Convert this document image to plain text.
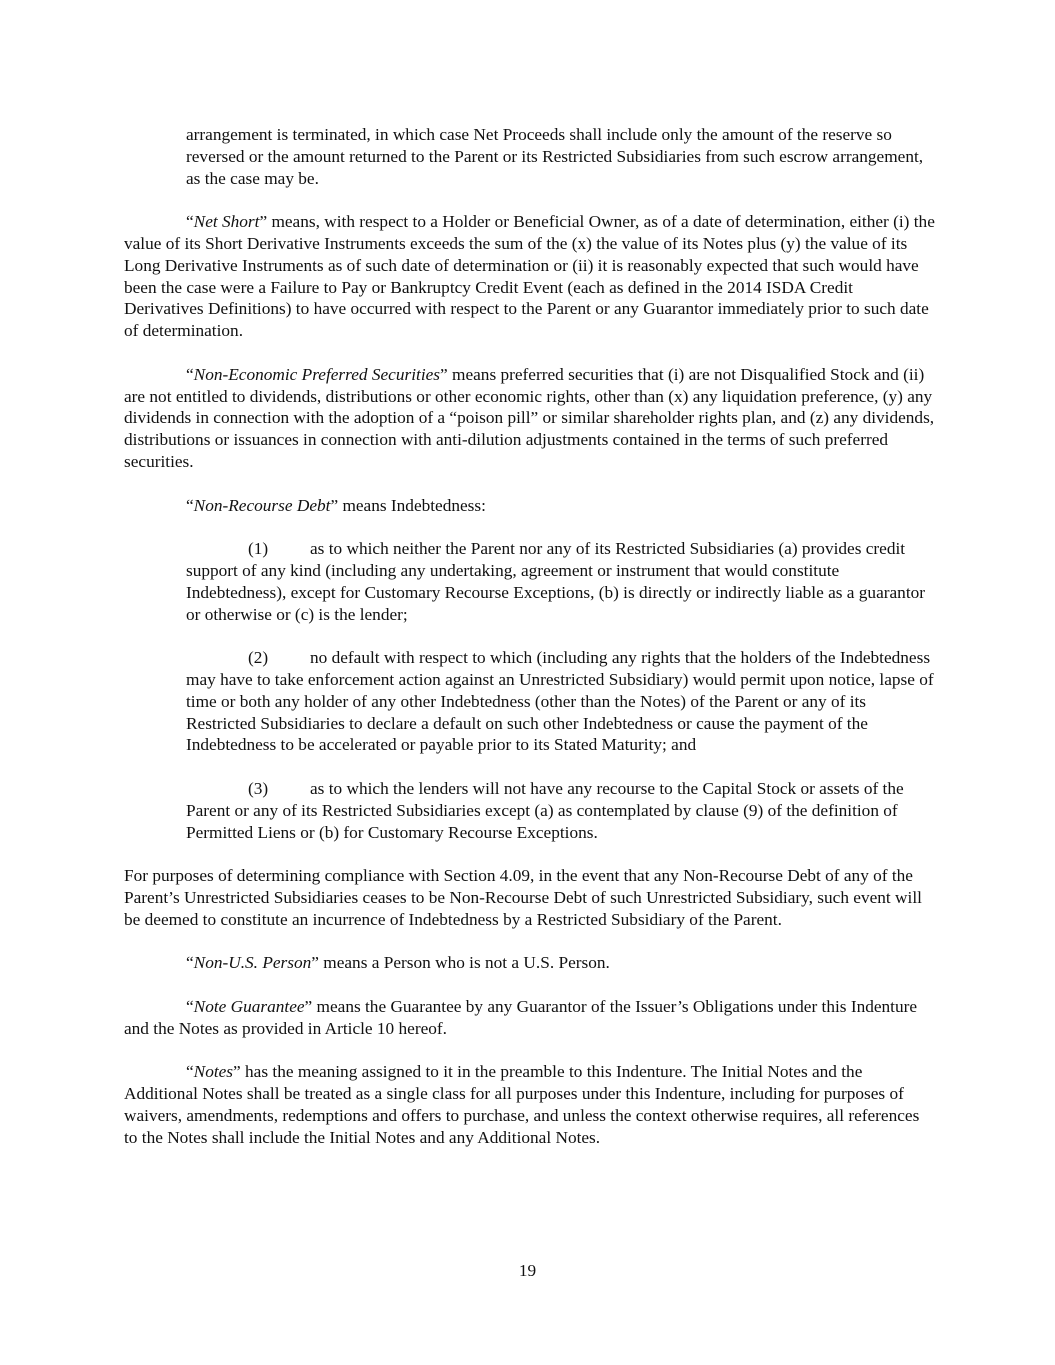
arrangement is terminated, in which case Net Proceeds shall include only the amount of the reserve so reversed or the amount returned to the Parent or its Restricted Subsidiaries from such escrow arrangement, as the case may be.

“Net Short” means, with respect to a Holder or Beneficial Owner, as of a date of determination, either (i) the value of its Short Derivative Instruments exceeds the sum of the (x) the value of its Notes plus (y) the value of its Long Derivative Instruments as of such date of determination or (ii) it is reasonably expected that such would have been the case were a Failure to Pay or Bankruptcy Credit Event (each as defined in the 2014 ISDA Credit Derivatives Definitions) to have occurred with respect to the Parent or any Guarantor immediately prior to such date of determination.

“Non-Economic Preferred Securities” means preferred securities that (i) are not Disqualified Stock and (ii) are not entitled to dividends, distributions or other economic rights, other than (x) any liquidation preference, (y) any dividends in connection with the adoption of a “poison pill” or similar shareholder rights plan, and (z) any dividends, distributions or issuances in connection with anti-dilution adjustments contained in the terms of such preferred securities.

“Non-Recourse Debt” means Indebtedness:

(1) as to which neither the Parent nor any of its Restricted Subsidiaries (a) provides credit support of any kind (including any undertaking, agreement or instrument that would constitute Indebtedness), except for Customary Recourse Exceptions, (b) is directly or indirectly liable as a guarantor or otherwise or (c) is the lender;

(2) no default with respect to which (including any rights that the holders of the Indebtedness may have to take enforcement action against an Unrestricted Subsidiary) would permit upon notice, lapse of time or both any holder of any other Indebtedness (other than the Notes) of the Parent or any of its Restricted Subsidiaries to declare a default on such other Indebtedness or cause the payment of the Indebtedness to be accelerated or payable prior to its Stated Maturity; and

(3) as to which the lenders will not have any recourse to the Capital Stock or assets of the Parent or any of its Restricted Subsidiaries except (a) as contemplated by clause (9) of the definition of Permitted Liens or (b) for Customary Recourse Exceptions.

For purposes of determining compliance with Section 4.09, in the event that any Non-Recourse Debt of any of the Parent’s Unrestricted Subsidiaries ceases to be Non-Recourse Debt of such Unrestricted Subsidiary, such event will be deemed to constitute an incurrence of Indebtedness by a Restricted Subsidiary of the Parent.

“Non-U.S. Person” means a Person who is not a U.S. Person.

“Note Guarantee” means the Guarantee by any Guarantor of the Issuer’s Obligations under this Indenture and the Notes as provided in Article 10 hereof.

“Notes” has the meaning assigned to it in the preamble to this Indenture. The Initial Notes and the Additional Notes shall be treated as a single class for all purposes under this Indenture, including for purposes of waivers, amendments, redemptions and offers to purchase, and unless the context otherwise requires, all references to the Notes shall include the Initial Notes and any Additional Notes.

19
